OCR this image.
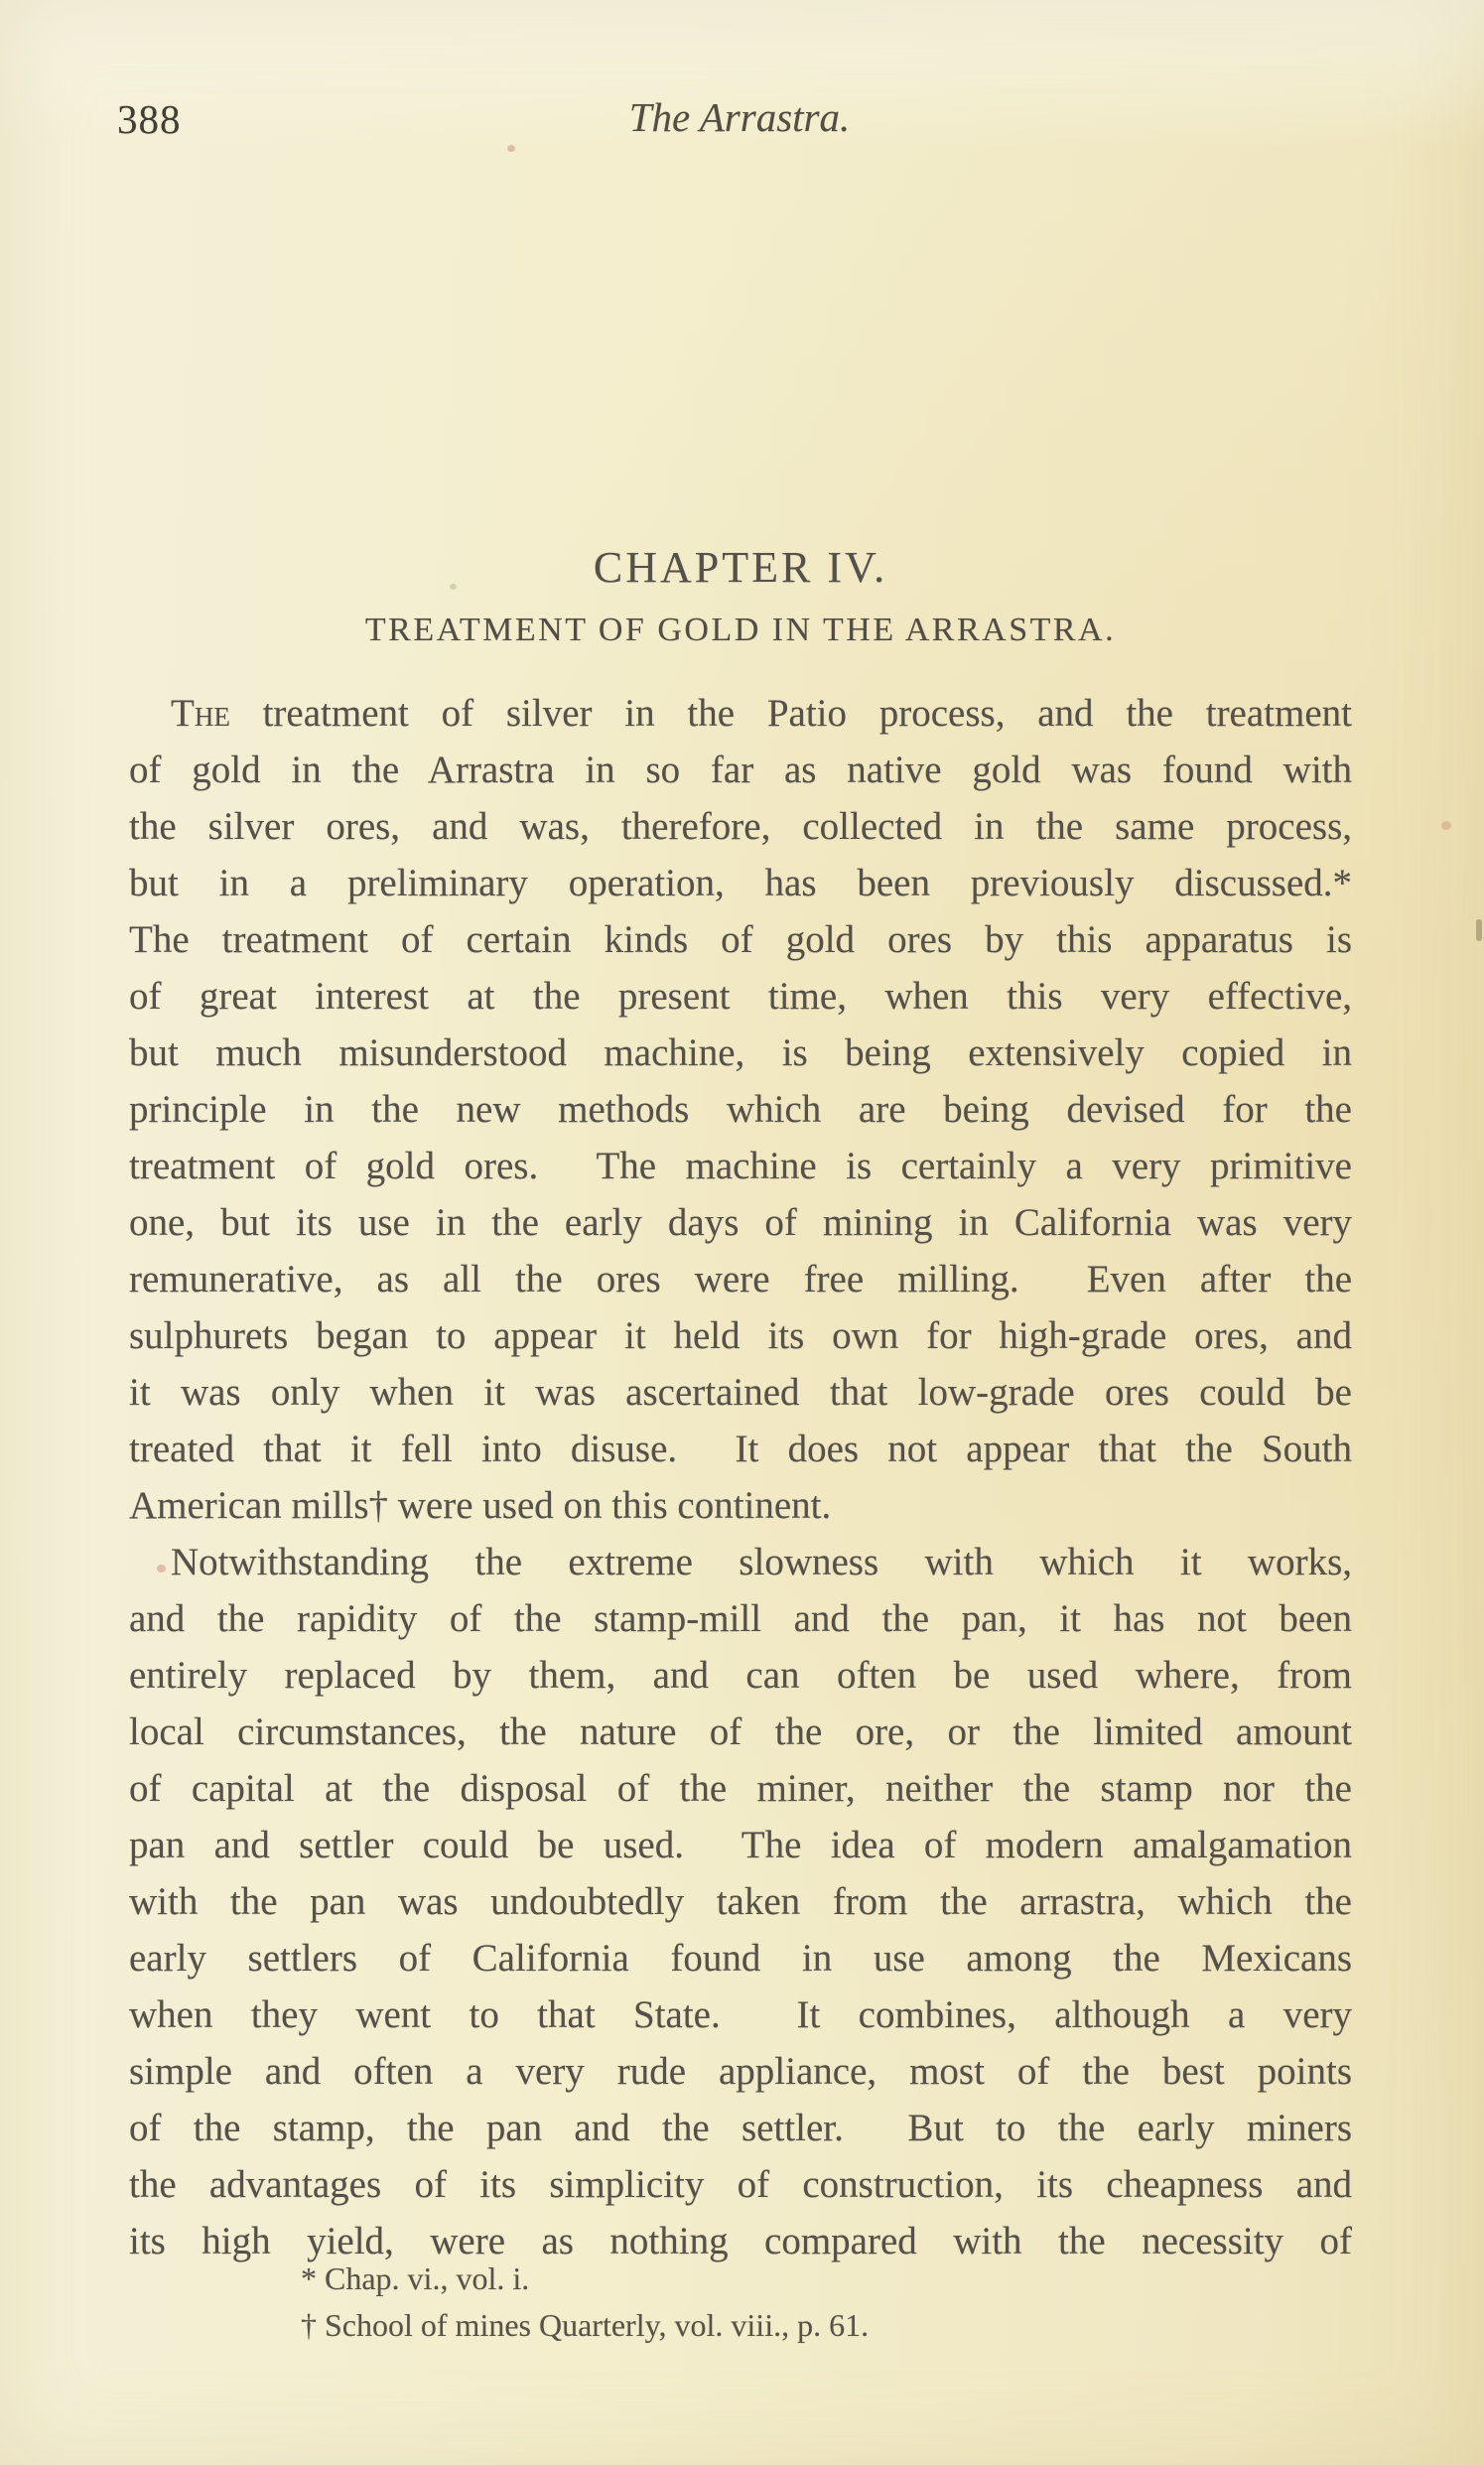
388	The Arrastra.
CHAPTER IV.
TREATMENT OF GOLD IN THE ARRASTRA.
The treatment of silver in the Patio process, and the treatment
of gold in the Arrastra in so far as native gold was found with
the silver ores, and was, therefore, collected in the same process,
but in a preliminary operation, has been previously discussed.*
The treatment of certain kinds of gold ores by this apparatus is
of great interest at the present time, when this very effective,
but much misunderstood machine, is being extensively copied in
principle in the new methods which are being devised for the
treatment of gold ores.  The machine is certainly a very primitive
one, but its use in the early days of mining in California was very
remunerative, as all the ores were free milling.  Even after the
sulphurets began to appear it held its own for high-grade ores, and
it was only when it was ascertained that low-grade ores could be
treated that it fell into disuse.  It does not appear that the South
American mills† were used on this continent.
Notwithstanding the extreme slowness with which it works,
and the rapidity of the stamp-mill and the pan, it has not been
entirely replaced by them, and can often be used where, from
local circumstances, the nature of the ore, or the limited amount
of capital at the disposal of the miner, neither the stamp nor the
pan and settler could be used.  The idea of modern amalgamation
with the pan was undoubtedly taken from the arrastra, which the
early settlers of California found in use among the Mexicans
when they went to that State.  It combines, although a very
simple and often a very rude appliance, most of the best points
of the stamp, the pan and the settler.  But to the early miners
the advantages of its simplicity of construction, its cheapness and
its high yield, were as nothing compared with the necessity of
* Chap. vi., vol. i.
† School of mines Quarterly, vol. viii., p. 61.
